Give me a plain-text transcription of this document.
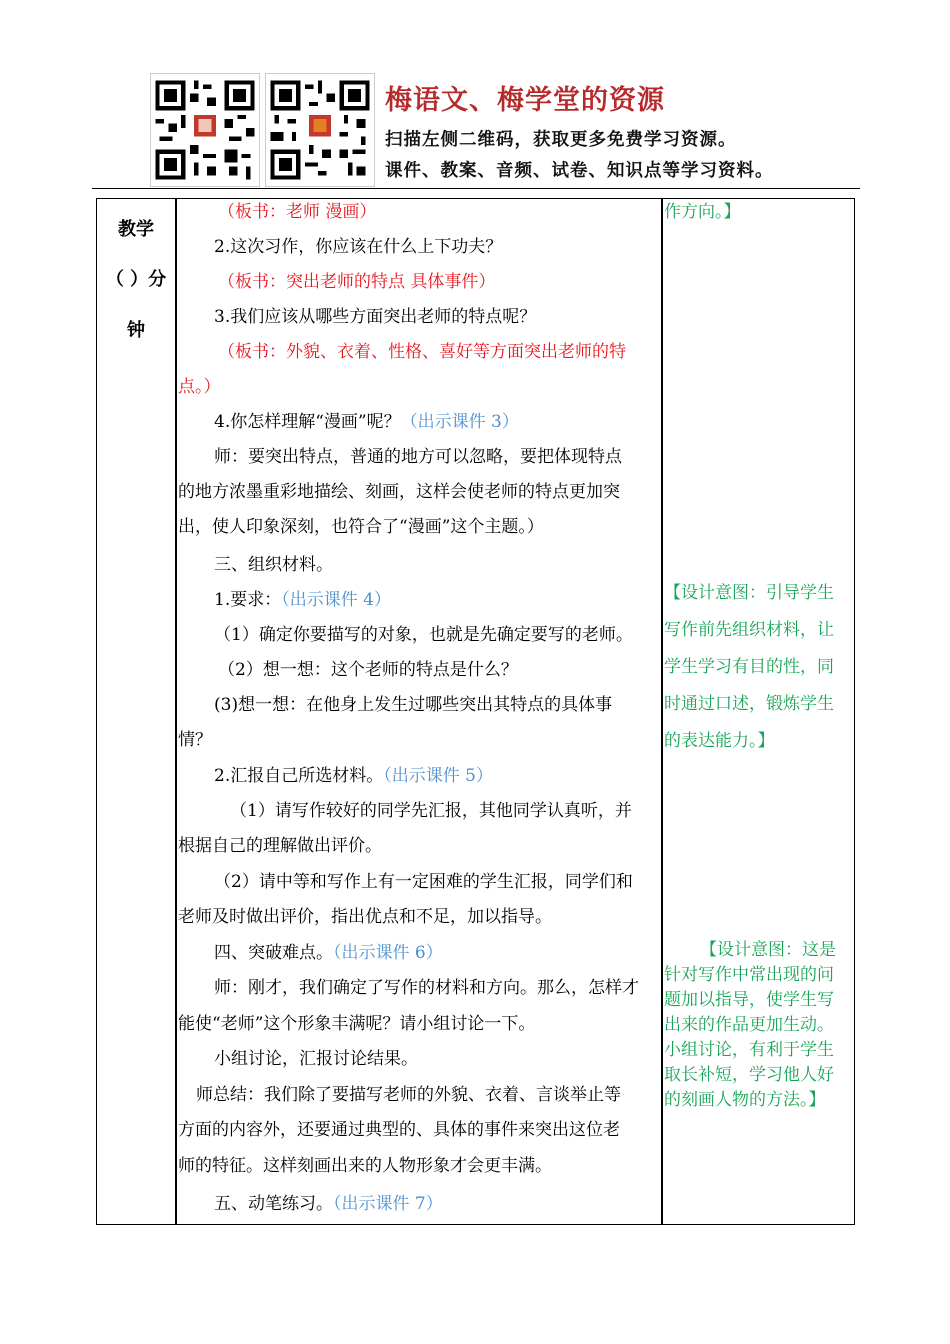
梅语文、梅学堂的资源
扫描左侧二维码，获取更多免费学习资源。
课件、教案、音频、试卷、知识点等学习资料。
教学
（ ）分
钟
（板书：老师 漫画）
2.这次习作，你应该在什么上下功夫？
（板书：突出老师的特点 具体事件）
3.我们应该从哪些方面突出老师的特点呢？
（板书：外貌、衣着、性格、喜好等方面突出老师的特
点。）
4.你怎样理解“漫画”呢？（出示课件 3）
师：要突出特点，普通的地方可以忽略，要把体现特点
的地方浓墨重彩地描绘、刻画，这样会使老师的特点更加突
出，使人印象深刻，也符合了“漫画”这个主题。）
三、组织材料。
1.要求：（出示课件 4）
（1）确定你要描写的对象，也就是先确定要写的老师。
（2）想一想：这个老师的特点是什么？
(3)想一想：在他身上发生过哪些突出其特点的具体事
情？
2.汇报自己所选材料。（出示课件 5）
（1）请写作较好的同学先汇报，其他同学认真听，并
根据自己的理解做出评价。
（2）请中等和写作上有一定困难的学生汇报，同学们和
老师及时做出评价，指出优点和不足，加以指导。
四、突破难点。（出示课件 6）
师：刚才，我们确定了写作的材料和方向。那么，怎样才
能使“老师”这个形象丰满呢？请小组讨论一下。
小组讨论，汇报讨论结果。
师总结：我们除了要描写老师的外貌、衣着、言谈举止等
方面的内容外，还要通过典型的、具体的事件来突出这位老
师的特征。这样刻画出来的人物形象才会更丰满。
五、动笔练习。（出示课件 7）
作方向。】
【设计意图：引导学生
写作前先组织材料，让
学生学习有目的性，同
时通过口述，锻炼学生
的表达能力。】
【设计意图：这是
针对写作中常出现的问
题加以指导，使学生写
出来的作品更加生动。
小组讨论，有利于学生
取长补短，学习他人好
的刻画人物的方法。】
